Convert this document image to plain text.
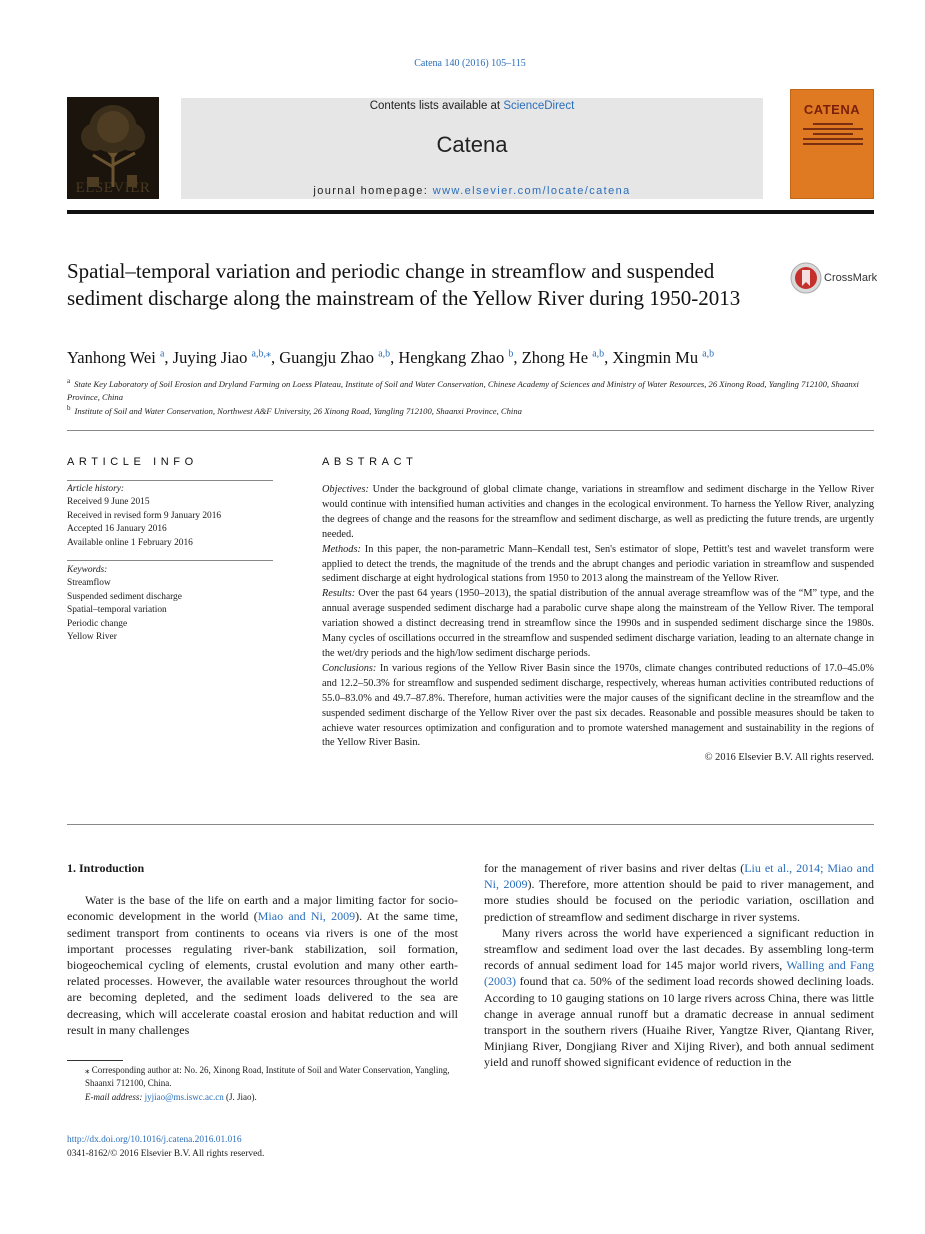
Catena 140 (2016) 105–115
ELSEVIER
Contents lists available at ScienceDirect
Catena
journal homepage: www.elsevier.com/locate/catena
CATENA
Spatial–temporal variation and periodic change in streamflow and suspended sediment discharge along the mainstream of the Yellow River during 1950-2013
CrossMark
Yanhong Wei $^a$, Juying Jiao $^{a,b,⁎}$, Guangju Zhao $^{a,b}$, Hengkang Zhao $^b$, Zhong He $^{a,b}$, Xingmin Mu $^{a,b}$
$^a$ State Key Laboratory of Soil Erosion and Dryland Farming on Loess Plateau, Institute of Soil and Water Conservation, Chinese Academy of Sciences and Ministry of Water Resources, 26 Xinong Road, Yangling 712100, Shaanxi Province, China
$^b$ Institute of Soil and Water Conservation, Northwest A&F University, 26 Xinong Road, Yangling 712100, Shaanxi Province, China
ARTICLE INFO	ABSTRACT
Article history:
Received 9 June 2015
Received in revised form 9 January 2016
Accepted 16 January 2016
Available online 1 February 2016
Keywords:
Streamflow
Suspended sediment discharge
Spatial–temporal variation
Periodic change
Yellow River
Objectives: Under the background of global climate change, variations in streamflow and sediment discharge in the Yellow River would continue with intensified human activities and changes in the ecological environment. To harness the Yellow River, analyzing the degrees of change and the reasons for the streamflow and sediment discharge, as well as predicting the future trends, are urgently needed.
Methods: In this paper, the non-parametric Mann–Kendall test, Sen's estimator of slope, Pettitt's test and wavelet transform were applied to detect the trends, the magnitude of the trends and the abrupt changes and periodic variation in streamflow and suspended sediment discharge at eight hydrological stations from 1950 to 2013 along the mainstream of the Yellow River.
Results: Over the past 64 years (1950–2013), the spatial distribution of the annual average streamflow was of the “M” type, and the annual average suspended sediment discharge had a parabolic curve shape along the mainstream of the Yellow River. The temporal variation showed a distinct decreasing trend in streamflow since the 1990s and in suspended sediment discharge since the 1980s. Many cycles of oscillations occurred in the streamflow and suspended sediment discharge variation, leading to an alternate change in the wet/dry periods and the high/low sediment discharge periods.
Conclusions: In various regions of the Yellow River Basin since the 1970s, climate changes contributed reductions of 17.0–45.0% and 12.2–50.3% for streamflow and suspended sediment discharge, respectively, whereas human activities contributed reductions of 55.0–83.0% and 49.7–87.8%. Therefore, human activities were the major causes of the significant decline in the streamflow and the suspended sediment discharge of the Yellow River over the past six decades. Reasonable and possible measures should be taken to achieve water resources optimization and configuration and to promote watershed management and sustainability in the regions of the Yellow River Basin.
© 2016 Elsevier B.V. All rights reserved.
1. Introduction

Water is the base of the life on earth and a major limiting factor for socio-economic development in the world (Miao and Ni, 2009). At the same time, sediment transport from continents to oceans via rivers is one of the most important processes regulating river-bank stabilization, soil formation, biogeochemical cycling of elements, crustal evolution and many other earth-related processes. However, the available water resources throughout the world are becoming depleted, and the sediment loads delivered to the sea are decreasing, which will accelerate coastal erosion and habitat reduction and will result in many challenges

for the management of river basins and river deltas (Liu et al., 2014; Miao and Ni, 2009). Therefore, more attention should be paid to river management, and more studies should be focused on the periodic variation, oscillation and prediction of streamflow and sediment discharge in river systems.

Many rivers across the world have experienced a significant reduction in streamflow and sediment load over the last decades. By assembling long-term records of annual sediment load for 145 major world rivers, Walling and Fang (2003) found that ca. 50% of the sediment load records showed declining loads. According to 10 gauging stations on 10 large rivers across China, there was little change in average annual runoff but a dramatic decrease in annual sediment transport in the southern rivers (Huaihe River, Yangtze River, Qiantang River, Minjiang River, Dongjiang River and Xijing River), and both annual sediment yield and runoff showed significant evidence of reduction in the

⁎ Corresponding author at: No. 26, Xinong Road, Institute of Soil and Water Conservation, Yangling, Shaanxi 712100, China.
E-mail address: jyjiao@ms.iswc.ac.cn (J. Jiao).
http://dx.doi.org/10.1016/j.catena.2016.01.016
0341-8162/© 2016 Elsevier B.V. All rights reserved.
